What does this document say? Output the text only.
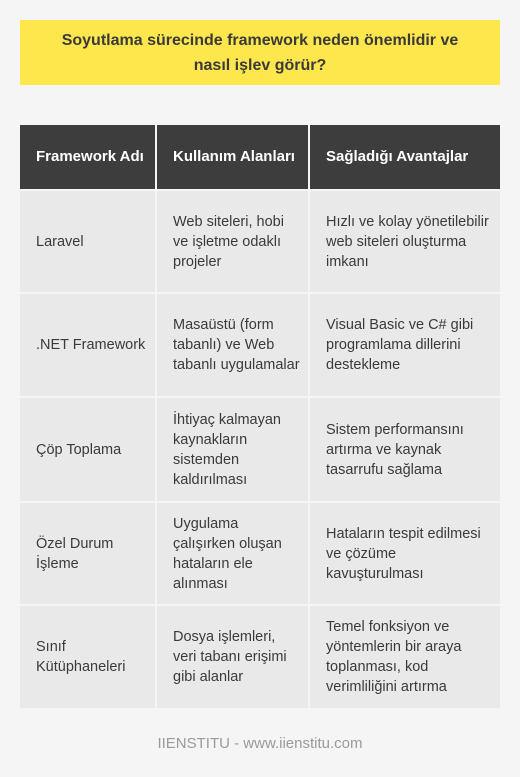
Soyutlama sürecinde framework neden önemlidir ve nasıl işlev görür?
Framework Adı	Kullanım Alanları	Sağladığı Avantajlar
Laravel	Web siteleri, hobi ve işletme odaklı projeler	Hızlı ve kolay yönetilebilir web siteleri oluşturma imkanı
.NET Framework	Masaüstü (form tabanlı) ve Web tabanlı uygulamalar	Visual Basic ve C# gibi programlama dillerini destekleme
Çöp Toplama	İhtiyaç kalmayan kaynakların sistemden kaldırılması	Sistem performansını artırma ve kaynak tasarrufu sağlama
Özel Durum İşleme	Uygulama çalışırken oluşan hataların ele alınması	Hataların tespit edilmesi ve çözüme kavuşturulması
Sınıf Kütüphaneleri	Dosya işlemleri, veri tabanı erişimi gibi alanlar	Temel fonksiyon ve yöntemlerin bir araya toplanması, kod verimliliğini artırma
IIENSTITU - www.iienstitu.com
